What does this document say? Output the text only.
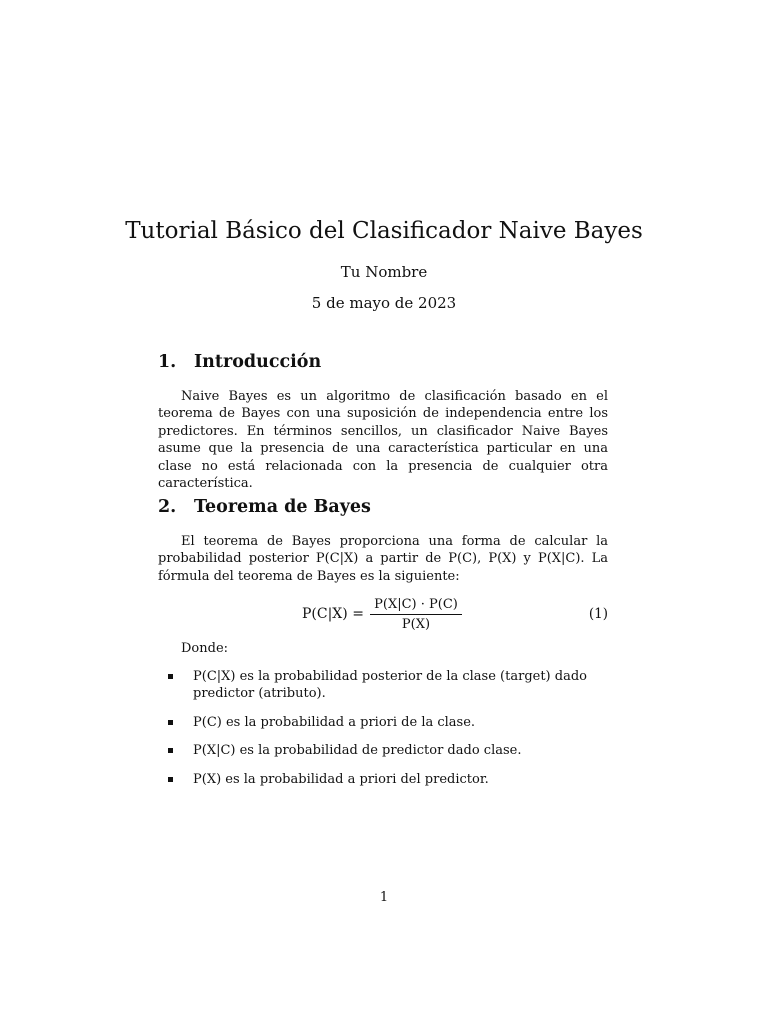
Tutorial Básico del Clasificador Naive Bayes
Tu Nombre
5 de mayo de 2023
1. Introducción

Naive Bayes es un algoritmo de clasificación basado en el teorema de Bayes con una suposición de independencia entre los predictores. En términos sencillos, un clasificador Naive Bayes asume que la presencia de una característica particular en una clase no está relacionada con la presencia de cualquier otra característica.

2. Teorema de Bayes

El teorema de Bayes proporciona una forma de calcular la probabilidad posterior P(C|X) a partir de P(C), P(X) y P(X|C). La fórmula del teorema de Bayes es la siguiente:

P(C|X) =
P(X|C) · P(C)
P(X)
(1)
Donde:
P(C|X) es la probabilidad posterior de la clase (target) dado predictor (atributo).
P(C) es la probabilidad a priori de la clase.
P(X|C) es la probabilidad de predictor dado clase.
P(X) es la probabilidad a priori del predictor.
1
